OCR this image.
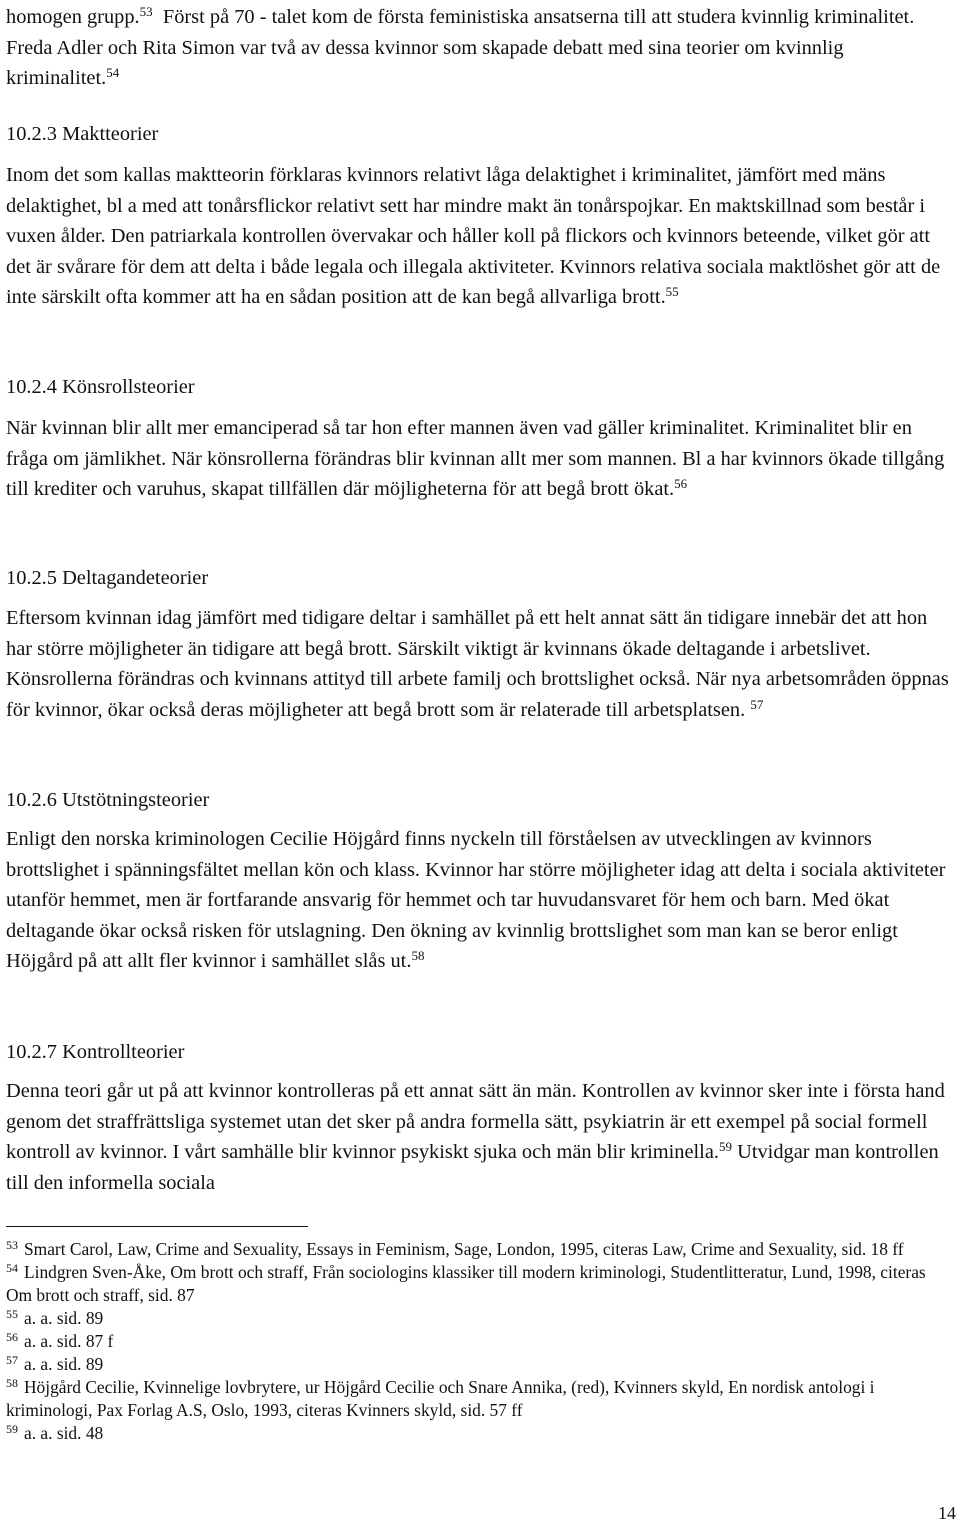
homogen grupp.$^{53}$  Först på 70 - talet kom de första feministiska ansatserna till att studera kvinnlig kriminalitet. Freda Adler och Rita Simon var två av dessa kvinnor som skapade debatt med sina teorier om kvinnlig kriminalitet.$^{54}$

10.2.3 Maktteorier

Inom det som kallas maktteorin förklaras kvinnors relativt låga delaktighet i kriminalitet, jämfört med mäns delaktighet, bl a med att tonårsflickor relativt sett har mindre makt än tonårspojkar. En maktskillnad som består i vuxen ålder. Den patriarkala kontrollen övervakar och håller koll på flickors och kvinnors beteende, vilket gör att det är svårare för dem att delta i både legala och illegala aktiviteter. Kvinnors relativa sociala maktlöshet gör att de inte särskilt ofta kommer att ha en sådan position att de kan begå allvarliga brott.$^{55}$

10.2.4 Könsrollsteorier

När kvinnan blir allt mer emanciperad så tar hon efter mannen även vad gäller kriminalitet. Kriminalitet blir en fråga om jämlikhet. När könsrollerna förändras blir kvinnan allt mer som mannen. Bl a har kvinnors ökade tillgång till krediter och varuhus, skapat tillfällen där möjligheterna för att begå brott ökat.$^{56}$

10.2.5 Deltagandeteorier

Eftersom kvinnan idag jämfört med tidigare deltar i samhället på ett helt annat sätt än tidigare innebär det att hon har större möjligheter än tidigare att begå brott. Särskilt viktigt är kvinnans ökade deltagande i arbetslivet. Könsrollerna förändras och kvinnans attityd till arbete familj och brottslighet också. När nya arbetsområden öppnas för kvinnor, ökar också deras möjligheter att begå brott som är relaterade till arbetsplatsen. $^{57}$

10.2.6 Utstötningsteorier

Enligt den norska kriminologen Cecilie Höjgård finns nyckeln till förståelsen av utvecklingen av kvinnors brottslighet i spänningsfältet mellan kön och klass. Kvinnor har större möjligheter idag att delta i sociala aktiviteter utanför hemmet, men är fortfarande ansvarig för hemmet och tar huvudansvaret för hem och barn. Med ökat deltagande ökar också risken för utslagning. Den ökning av kvinnlig brottslighet som man kan se beror enligt Höjgård på att allt fler kvinnor i samhället slås ut.$^{58}$

10.2.7 Kontrollteorier

Denna teori går ut på att kvinnor kontrolleras på ett annat sätt än män. Kontrollen av kvinnor sker inte i första hand genom det straffrättsliga systemet utan det sker på andra formella sätt, psykiatrin är ett exempel på social formell kontroll av kvinnor. I vårt samhälle blir kvinnor psykiskt sjuka och män blir kriminella.$^{59}$ Utvidgar man kontrollen till den informella sociala

$^{53}$ Smart Carol, Law, Crime and Sexuality, Essays in Feminism, Sage, London, 1995, citeras Law, Crime and Sexuality, sid. 18 ff

$^{54}$ Lindgren Sven-Åke, Om brott och straff, Från sociologins klassiker till modern kriminologi, Studentlitteratur, Lund, 1998, citeras Om brott och straff, sid. 87

$^{55}$ a. a. sid. 89

$^{56}$ a. a. sid. 87 f

$^{57}$ a. a. sid. 89

$^{58}$ Höjgård Cecilie, Kvinnelige lovbrytere, ur Höjgård Cecilie och Snare Annika, (red), Kvinners skyld, En nordisk antologi i kriminologi, Pax Forlag A.S, Oslo, 1993, citeras Kvinners skyld, sid. 57 ff

$^{59}$ a. a. sid. 48

14
